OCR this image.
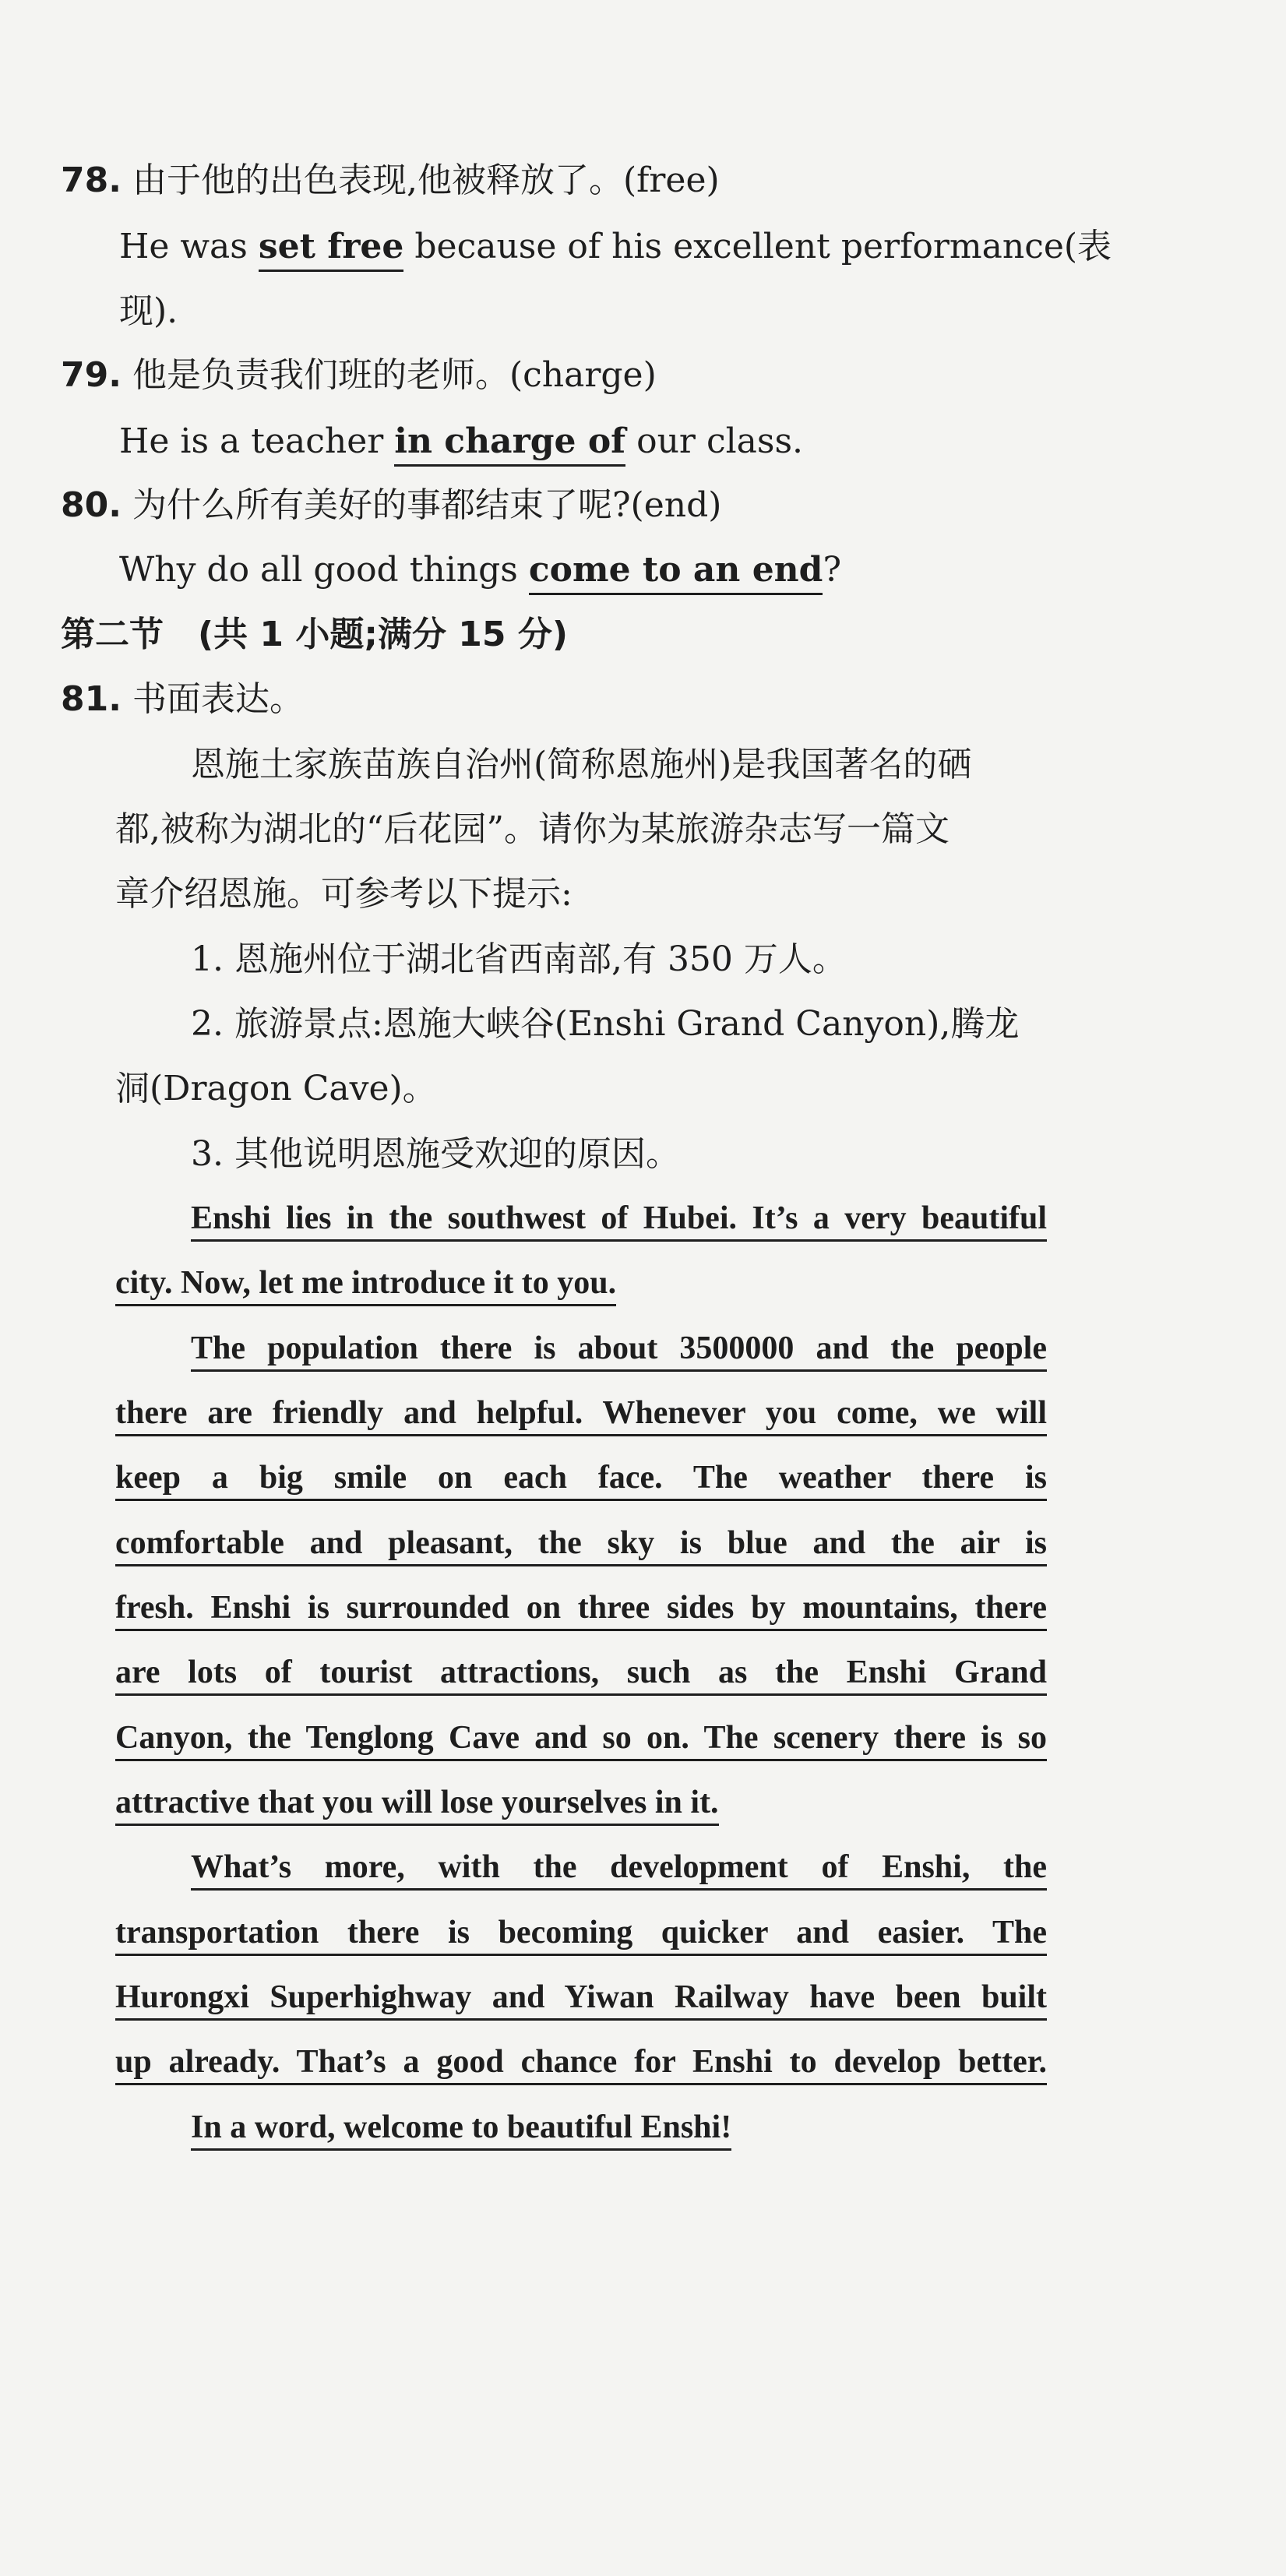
78. 由于他的出色表现,他被释放了。(free)
He was set free because of his excellent performance(表
现).
79. 他是负责我们班的老师。(charge)
He is a teacher in charge of our class.
80. 为什么所有美好的事都结束了呢?(end)
Why do all good things come to an end?
第二节　(共 1 小题;满分 15 分)
81. 书面表达。
恩施土家族苗族自治州(简称恩施州)是我国著名的硒
都,被称为湖北的“后花园”。请你为某旅游杂志写一篇文
章介绍恩施。可参考以下提示:
1. 恩施州位于湖北省西南部,有 350 万人。
2. 旅游景点:恩施大峡谷(Enshi Grand Canyon),腾龙
洞(Dragon Cave)。
3. 其他说明恩施受欢迎的原因。
Enshi lies in the southwest of Hubei. It’s a very beautiful
city. Now, let me introduce it to you.
The population there is about 3500000 and the people
there are friendly and helpful. Whenever you come, we will
keep a big smile on each face. The weather there is
comfortable and pleasant, the sky is blue and the air is
fresh. Enshi is surrounded on three sides by mountains, there
are lots of tourist attractions, such as the Enshi Grand
Canyon, the Tenglong Cave and so on. The scenery there is so
attractive that you will lose yourselves in it.
What’s more, with the development of Enshi, the
transportation there is becoming quicker and easier. The
Hurongxi Superhighway and Yiwan Railway have been built
up already. That’s a good chance for Enshi to develop better.
In a word, welcome to beautiful Enshi!
